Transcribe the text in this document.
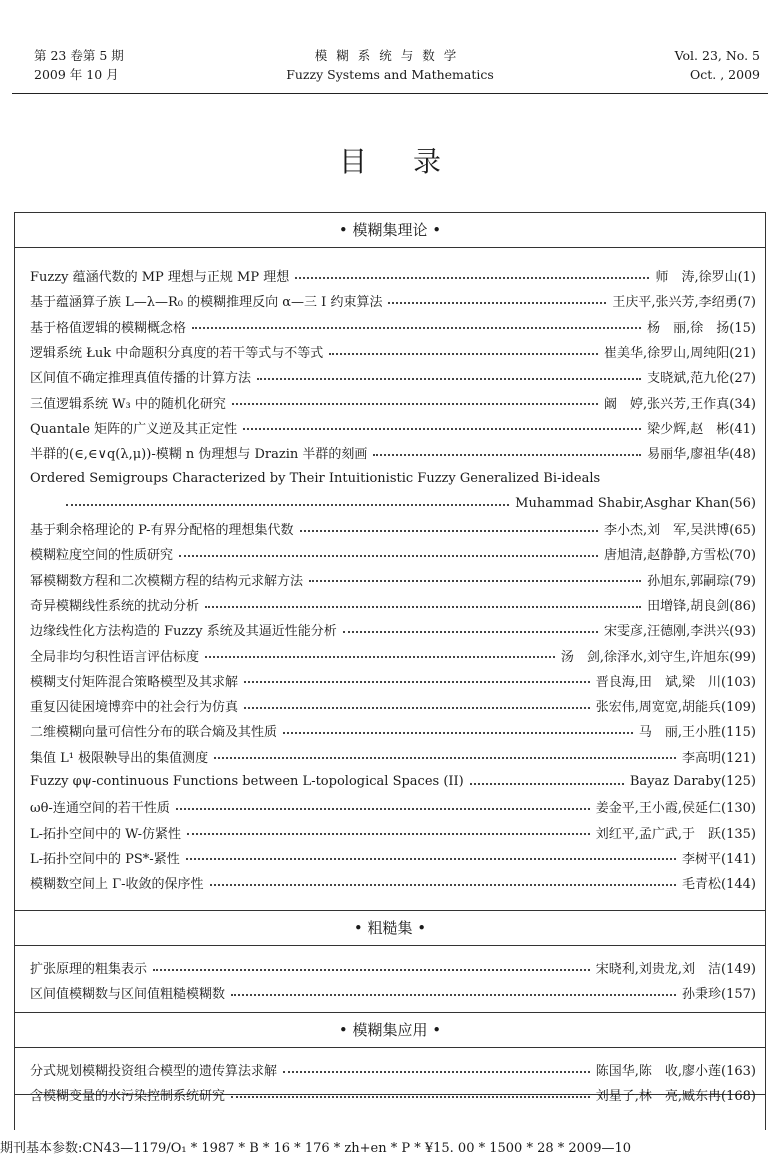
第 23 卷第 5 期
2009 年 10 月
模糊系统与数学
Fuzzy Systems and Mathematics
Vol. 23, No. 5
Oct. , 2009
目录
• 模糊集理论 •
Fuzzy 蕴涵代数的 MP 理想与正规 MP 理想	师　涛,徐罗山(1)
基于蕴涵算子族 L—λ—R₀ 的模糊推理反向 α—三 I 约束算法	王庆平,张兴芳,李绍勇(7)
基于格值逻辑的模糊概念格	杨　丽,徐　扬(15)
逻辑系统 Łuk 中命题积分真度的若干等式与不等式	崔美华,徐罗山,周纯阳(21)
区间值不确定推理真值传播的计算方法	支晓斌,范九伦(27)
三值逻辑系统 W₃ 中的随机化研究	阚　婷,张兴芳,王作真(34)
Quantale 矩阵的广义逆及其正定性	梁少辉,赵　彬(41)
半群的(∈,∈∨q(λ,μ))-模糊 n 伪理想与 Drazin 半群的刻画	易丽华,廖祖华(48)
Ordered Semigroups Characterized by Their Intuitionistic Fuzzy Generalized Bi-ideals
Muhammad Shabir,Asghar Khan(56)
基于剩余格理论的 P-有界分配格的理想集代数	李小杰,刘　军,吴洪博(65)
模糊粒度空间的性质研究	唐旭清,赵静静,方雪松(70)
幂模糊数方程和二次模糊方程的结构元求解方法	孙旭东,郭嗣琮(79)
奇异模糊线性系统的扰动分析	田增锋,胡良剑(86)
边缘线性化方法构造的 Fuzzy 系统及其逼近性能分析	宋雯彦,汪德刚,李洪兴(93)
全局非均匀积性语言评估标度	汤　剑,徐泽水,刘守生,许旭东(99)
模糊支付矩阵混合策略模型及其求解	晋良海,田　斌,梁　川(103)
重复囚徒困境博弈中的社会行为仿真	张宏伟,周宽宽,胡能兵(109)
二维模糊向量可信性分布的联合熵及其性质	马　丽,王小胜(115)
集值 L¹ 极限鞅导出的集值测度	李高明(121)
Fuzzy φψ-continuous Functions between L-topological Spaces (II)	Bayaz Daraby(125)
ωθ-连通空间的若干性质	姜金平,王小霞,侯延仁(130)
L-拓扑空间中的 W-仿紧性	刘红平,孟广武,于　跃(135)
L-拓扑空间中的 PS*-紧性	李树平(141)
模糊数空间上 Γ-收敛的保序性	毛青松(144)
• 粗糙集 •
扩张原理的粗集表示	宋晓利,刘贵龙,刘　洁(149)
区间值模糊数与区间值粗糙模糊数	孙秉珍(157)
• 模糊集应用 •
分式规划模糊投资组合模型的遗传算法求解	陈国华,陈　收,廖小莲(163)
含模糊变量的水污染控制系统研究	刘星子,林　亮,臧东冉(168)
期刊基本参数:CN43—1179/O₁ * 1987 * B * 16 * 176 * zh+en * P * ¥15. 00 * 1500 * 28 * 2009—10
